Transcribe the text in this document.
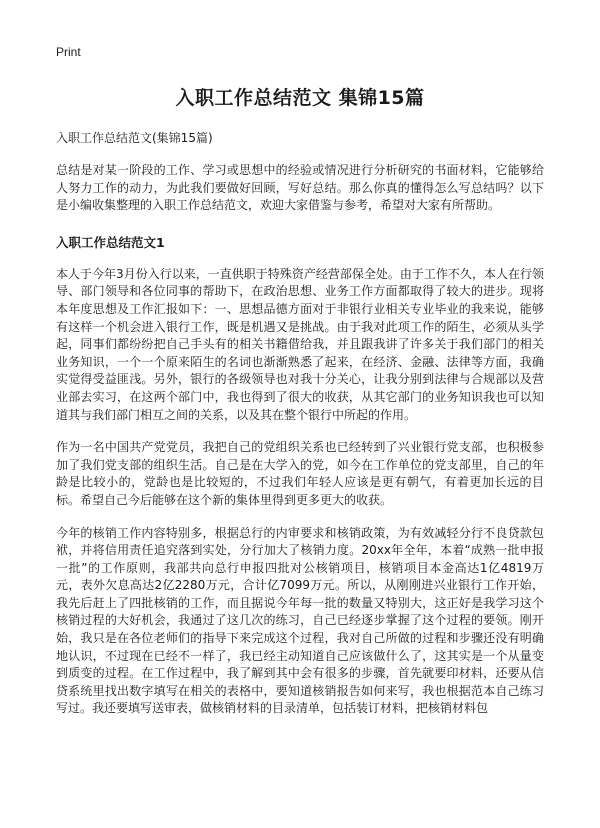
Print

入职工作总结范文 集锦15篇

入职工作总结范文(集锦15篇)

总结是对某一阶段的工作、学习或思想中的经验或情况进行分析研究的书面材料，它能够给人努力工作的动力，为此我们要做好回顾，写好总结。那么你真的懂得怎么写总结吗？以下是小编收集整理的入职工作总结范文，欢迎大家借鉴与参考，希望对大家有所帮助。

入职工作总结范文1

本人于今年3月份入行以来，一直供职于特殊资产经营部保全处。由于工作不久，本人在行领导、部门领导和各位同事的帮助下，在政治思想、业务工作方面都取得了较大的进步。现将本年度思想及工作汇报如下：一、思想品德方面对于非银行业相关专业毕业的我来说，能够有这样一个机会进入银行工作，既是机遇又是挑战。由于我对此项工作的陌生，必须从头学起，同事们都纷纷把自己手头有的相关书籍借给我，并且跟我讲了许多关于我们部门的相关业务知识，一个一个原来陌生的名词也渐渐熟悉了起来，在经济、金融、法律等方面，我确实觉得受益匪浅。另外，银行的各级领导也对我十分关心，让我分别到法律与合规部以及营业部去实习，在这两个部门中，我也得到了很大的收获，从其它部门的业务知识我也可以知道其与我们部门相互之间的关系，以及其在整个银行中所起的作用。

作为一名中国共产党党员，我把自己的党组织关系也已经转到了兴业银行党支部，也积极参加了我们党支部的组织生活。自己是在大学入的党，如今在工作单位的党支部里，自己的年龄是比较小的，党龄也是比较短的，不过我们年轻人应该是更有朝气，有着更加长远的目标。希望自己今后能够在这个新的集体里得到更多更大的收获。

今年的核销工作内容特别多，根据总行的内审要求和核销政策，为有效减轻分行不良贷款包袱，并将信用责任追究落到实处，分行加大了核销力度。20xx年全年，本着“成熟一批申报一批”的工作原则，我部共向总行申报四批对公核销项目，核销项目本金高达1亿4819万元，表外欠息高达2亿2280万元，合计亿7099万元。所以，从刚刚进兴业银行工作开始，我先后赶上了四批核销的工作，而且据说今年每一批的数量又特别大，这正好是我学习这个核销过程的大好机会，我通过了这几次的练习，自己已经逐步掌握了这个过程的要领。刚开始，我只是在各位老师们的指导下来完成这个过程，我对自己所做的过程和步骤还没有明确地认识，不过现在已经不一样了，我已经主动知道自己应该做什么了，这其实是一个从量变到质变的过程。在工作过程中，我了解到其中会有很多的步骤，首先就要印材料，还要从信贷系统里找出数字填写在相关的表格中，要知道核销报告如何来写，我也根据范本自己练习写过。我还要填写送审表，做核销材料的目录清单，包括装订材料，把核销材料包
